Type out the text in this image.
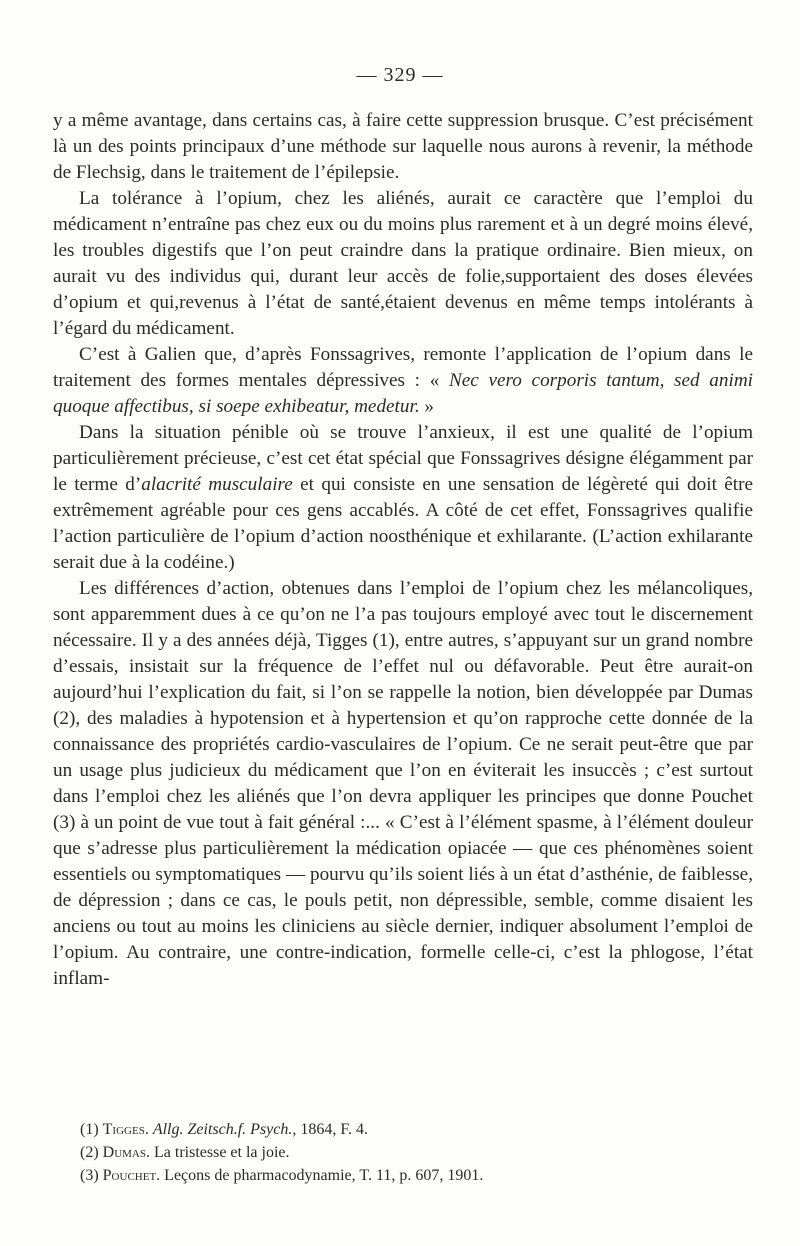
— 329 —

y a même avantage, dans certains cas, à faire cette suppression brusque. C’est précisément là un des points principaux d’une méthode sur laquelle nous aurons à revenir, la méthode de Flechsig, dans le traitement de l’épilepsie.

La tolérance à l’opium, chez les aliénés, aurait ce caractère que l’emploi du médicament n’entraîne pas chez eux ou du moins plus rarement et à un degré moins élevé, les troubles digestifs que l’on peut craindre dans la pratique ordinaire. Bien mieux, on aurait vu des individus qui, durant leur accès de folie,supportaient des doses élevées d’opium et qui,revenus à l’état de santé,étaient devenus en même temps intolérants à l’égard du médicament.

C’est à Galien que, d’après Fonssagrives, remonte l’application de l’opium dans le traitement des formes mentales dépressives : « Nec vero corporis tantum, sed animi quoque affectibus, si soepe exhibeatur, medetur. »

Dans la situation pénible où se trouve l’anxieux, il est une qualité de l’opium particulièrement précieuse, c’est cet état spécial que Fonssagrives désigne élégamment par le terme d’alacrité musculaire et qui consiste en une sensation de légèreté qui doit être extrêmement agréable pour ces gens accablés. A côté de cet effet, Fonssagrives qualifie l’action particulière de l’opium d’action noosthénique et exhilarante. (L’action exhilarante serait due à la codéine.)

Les différences d’action, obtenues dans l’emploi de l’opium chez les mélancoliques, sont apparemment dues à ce qu’on ne l’a pas toujours employé avec tout le discernement nécessaire. Il y a des années déjà, Tigges (1), entre autres, s’appuyant sur un grand nombre d’essais, insistait sur la fréquence de l’effet nul ou défavorable. Peut être aurait-on aujourd’hui l’explication du fait, si l’on se rappelle la notion, bien développée par Dumas (2), des maladies à hypotension et à hypertension et qu’on rapproche cette donnée de la connaissance des propriétés cardio-vasculaires de l’opium. Ce ne serait peut-être que par un usage plus judicieux du médicament que l’on en éviterait les insuccès ; c’est surtout dans l’emploi chez les aliénés que l’on devra appliquer les principes que donne Pouchet (3) à un point de vue tout à fait général :... « C’est à l’élément spasme, à l’élément douleur que s’adresse plus particulièrement la médication opiacée — que ces phénomènes soient essentiels ou symptomatiques — pourvu qu’ils soient liés à un état d’asthénie, de faiblesse, de dépression ; dans ce cas, le pouls petit, non dépressible, semble, comme disaient les anciens ou tout au moins les cliniciens au siècle dernier, indiquer absolument l’emploi de l’opium. Au contraire, une contre-indication, formelle celle-ci, c’est la phlogose, l’état inflam-

(1) Tigges. Allg. Zeitsch.f. Psych., 1864, F. 4.

(2) Dumas. La tristesse et la joie.

(3) Pouchet. Leçons de pharmacodynamie, T. 11, p. 607, 1901.
